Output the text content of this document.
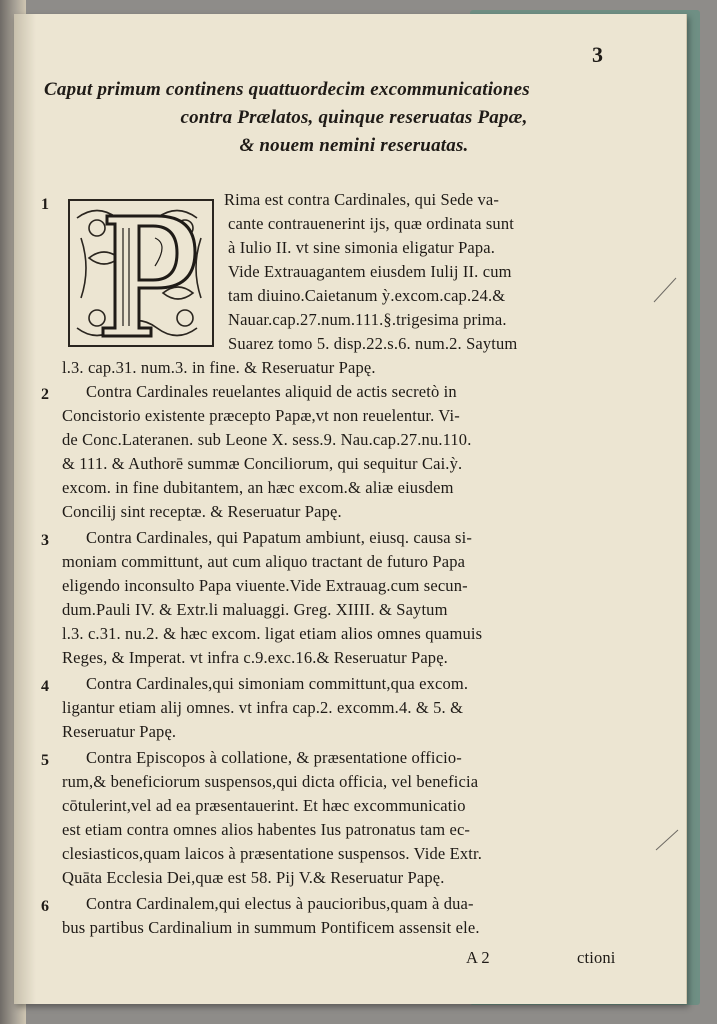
3
Caput primum continens quattuordecim excommunicationes
contra Prælatos, quinque reseruatas Papæ,
& nouem nemini reseruatas.
1	Rima est contra Cardinales, qui Sede va-
cante contrauenerint ijs, quæ ordinata sunt
à Iulio II. vt sine simonia eligatur Papa.
Vide Extrauagantem eiusdem Iulij II. cum
tam diuino.Caietanum ỳ.excom.cap.24.&
Nauar.cap.27.num.111.§.trigesima prima.
Suarez tomo 5. disp.22.s.6. num.2. Saytum
l.3. cap.31. num.3. in fine. & Reseruatur Papę.
2 Contra Cardinales reuelantes aliquid de actis secretò in
Concistorio existente præcepto Papæ,vt non reuelentur. Vi-
de Conc.Lateranen. sub Leone X. sess.9. Nau.cap.27.nu.110.
& 111. & Authorē summæ Conciliorum, qui sequitur Cai.ỳ.
excom. in fine dubitantem, an hæc excom.& aliæ eiusdem
Concilij sint receptæ. & Reseruatur Papę.
3 Contra Cardinales, qui Papatum ambiunt, eiusq. causa si-
moniam committunt, aut cum aliquo tractant de futuro Papa
eligendo inconsulto Papa viuente.Vide Extrauag.cum secun-
dum.Pauli IV. & Extr.li maluaggi. Greg. XIIII. & Saytum
l.3. c.31. nu.2. & hæc excom. ligat etiam alios omnes quamuis
Reges, & Imperat. vt infra c.9.exc.16.& Reseruatur Papę.
4 Contra Cardinales,qui simoniam committunt,qua excom.
ligantur etiam alij omnes. vt infra cap.2. excomm.4. & 5. &
Reseruatur Papę.
5 Contra Episcopos à collatione, & præsentatione officio-
rum,& beneficiorum suspensos,qui dicta officia, vel beneficia
cōtulerint,vel ad ea præsentauerint. Et hæc excommunicatio
est etiam contra omnes alios habentes Ius patronatus tam ec-
clesiasticos,quam laicos à præsentatione suspensos. Vide Extr.
Quāta Ecclesia Dei,quæ est 58. Pij V.& Reseruatur Papę.
6 Contra Cardinalem,qui electus à paucioribus,quam à dua-
bus partibus Cardinalium in summum Pontificem assensit ele.
A 2	ctioni
